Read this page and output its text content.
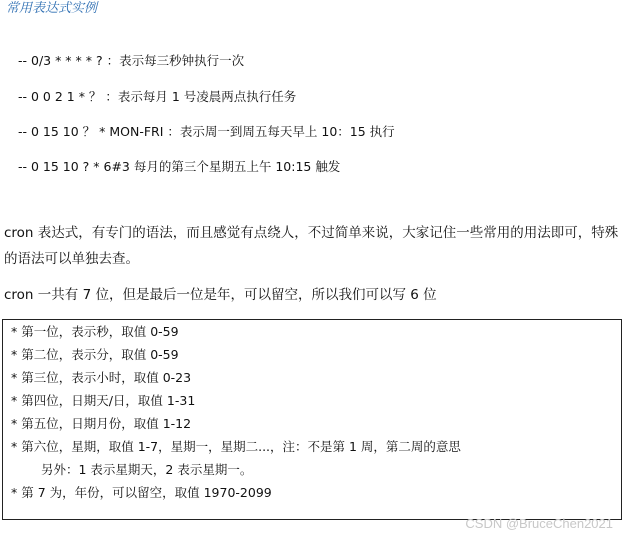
常用表达式实例
-- 0/3 * * * * ? ：表示每三秒钟执行一次
-- 0 0 2 1 * ？ ：表示每月 1 号凌晨两点执行任务
-- 0 15 10 ？ * MON-FRI ：表示周一到周五每天早上 10：15 执行
-- 0 15 10 ? * 6#3 每月的第三个星期五上午 10:15 触发
cron 表达式，有专门的语法，而且感觉有点绕人，不过简单来说，大家记住一些常用的用法即可，特殊的语法可以单独去查。
cron 一共有 7 位，但是最后一位是年，可以留空，所以我们可以写 6 位
* 第一位，表示秒，取值 0-59
* 第二位，表示分，取值 0-59
* 第三位，表示小时，取值 0-23
* 第四位，日期天/日，取值 1-31
* 第五位，日期月份，取值 1-12
* 第六位，星期，取值 1-7，星期一，星期二...，注：不是第 1 周，第二周的意思
另外：1 表示星期天，2 表示星期一。
* 第 7 为，年份，可以留空，取值 1970-2099
CSDN @BruceChen2021
